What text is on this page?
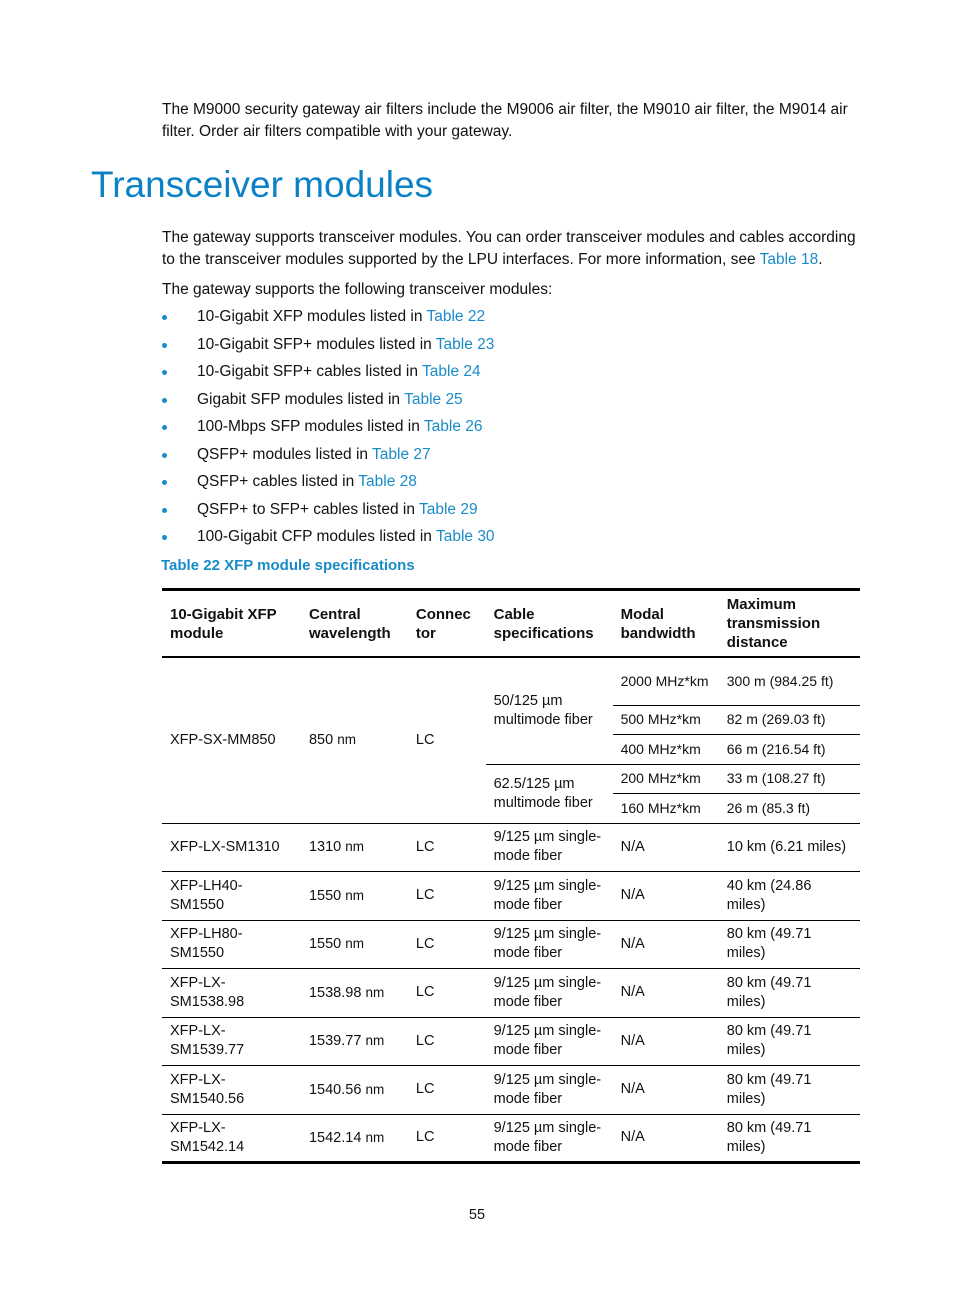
The M9000 security gateway air filters include the M9006 air filter, the M9010 air filter, the M9014 air filter. Order air filters compatible with your gateway.
Transceiver modules
The gateway supports transceiver modules. You can order transceiver modules and cables according to the transceiver modules supported by the LPU interfaces. For more information, see Table 18.
The gateway supports the following transceiver modules:
10-Gigabit XFP modules listed in Table 22
10-Gigabit SFP+ modules listed in Table 23
10-Gigabit SFP+ cables listed in Table 24
Gigabit SFP modules listed in Table 25
100-Mbps SFP modules listed in Table 26
QSFP+ modules listed in Table 27
QSFP+ cables listed in Table 28
QSFP+ to SFP+ cables listed in Table 29
100-Gigabit CFP modules listed in Table 30
Table 22 XFP module specifications
10-Gigabit XFP module	Central wavelength	Connec tor	Cable specifications	Modal bandwidth	Maximum transmission distance
XFP-SX-MM850	850 nm	LC	50/125 µm multimode fiber	2000 MHz*km	300 m (984.25 ft)
				500 MHz*km	82 m (269.03 ft)
				400 MHz*km	66 m (216.54 ft)
			62.5/125 µm multimode fiber	200 MHz*km	33 m (108.27 ft)
				160 MHz*km	26 m (85.3 ft)
XFP-LX-SM1310	1310 nm	LC	9/125 µm single-mode fiber	N/A	10 km (6.21 miles)
XFP-LH40-SM1550	1550 nm	LC	9/125 µm single-mode fiber	N/A	40 km (24.86 miles)
XFP-LH80-SM1550	1550 nm	LC	9/125 µm single-mode fiber	N/A	80 km (49.71 miles)
XFP-LX-SM1538.98	1538.98 nm	LC	9/125 µm single-mode fiber	N/A	80 km (49.71 miles)
XFP-LX-SM1539.77	1539.77 nm	LC	9/125 µm single-mode fiber	N/A	80 km (49.71 miles)
XFP-LX-SM1540.56	1540.56 nm	LC	9/125 µm single-mode fiber	N/A	80 km (49.71 miles)
XFP-LX-SM1542.14	1542.14 nm	LC	9/125 µm single-mode fiber	N/A	80 km (49.71 miles)
55
